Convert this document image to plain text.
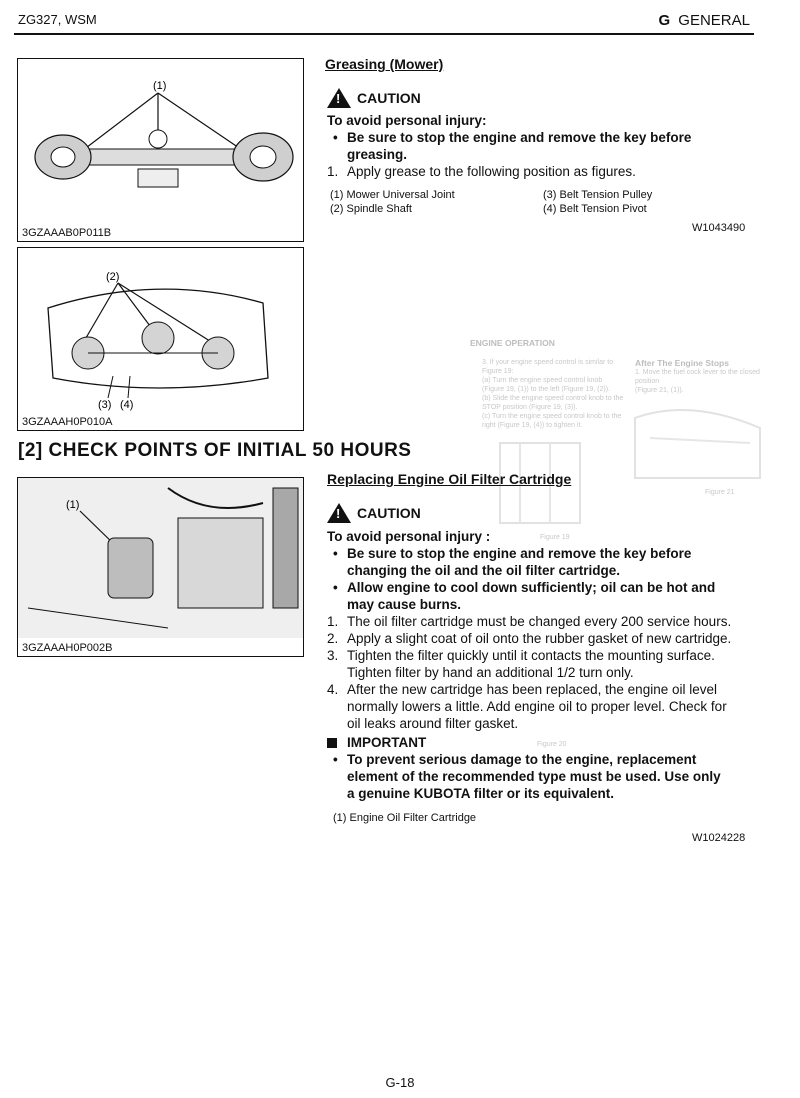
ZG327, WSM	G GENERAL
ENGINE OPERATION
3. If your engine speed control is similar to
Figure 19:
(a) Turn the engine speed control knob
(Figure 19, (1)) to the left (Figure 19, (2)).
(b) Slide the engine speed control knob to the
STOP position (Figure 19, (3)).
(c) Turn the engine speed control knob to the
right (Figure 19, (4)) to tighten it.
After The Engine Stops
1. Move the fuel cock lever to the closed position
(Figure 21, (1)).
Figure 19
Figure 21
Figure 20
(1)
3GZAAAB0P011B
(2)
(3) (4)
3GZAAAH0P010A
Greasing (Mower)
!
CAUTION
To avoid personal injury:
• Be sure to stop the engine and remove the key before
greasing.
1. Apply grease to the following position as figures.
(1) Mower Universal Joint
(2) Spindle Shaft
(3) Belt Tension Pulley
(4) Belt Tension Pivot
W1043490
[2] CHECK POINTS OF INITIAL 50 HOURS
(1)
3GZAAAH0P002B
Replacing Engine Oil Filter Cartridge
!
CAUTION
To avoid personal injury :
• Be sure to stop the engine and remove the key before
changing the oil and the oil filter cartridge.
• Allow engine to cool down sufficiently; oil can be hot and
may cause burns.
1. The oil filter cartridge must be changed every 200 service hours.
2. Apply a slight coat of oil onto the rubber gasket of new cartridge.
3. Tighten the filter quickly until it contacts the mounting surface.
Tighten filter by hand an additional 1/2 turn only.
4. After the new cartridge has been replaced, the engine oil level
normally lowers a little. Add engine oil to proper level. Check for
oil leaks around filter gasket.
IMPORTANT
• To prevent serious damage to the engine, replacement
element of the recommended type must be used. Use only
a genuine KUBOTA filter or its equivalent.
(1) Engine Oil Filter Cartridge
W1024228
G-18
